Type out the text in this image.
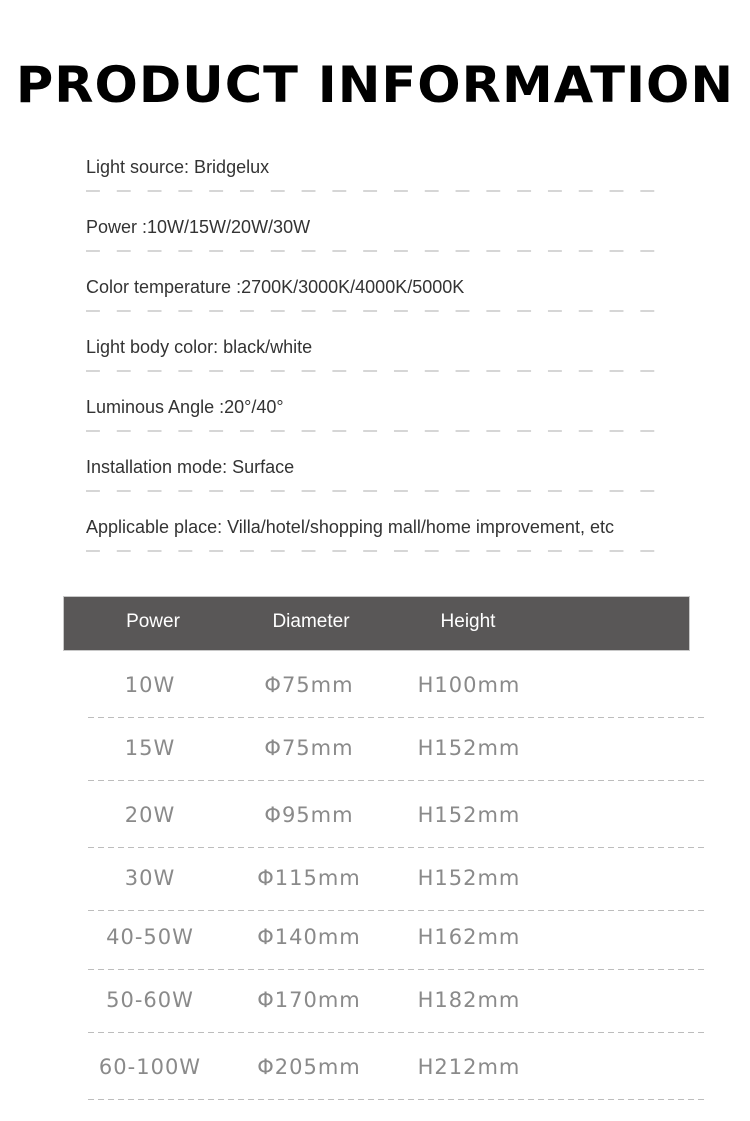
PRODUCT INFORMATION
Light source: Bridgelux
Power :10W/15W/20W/30W
Color temperature :2700K/3000K/4000K/5000K
Light body color: black/white
Luminous Angle :20°/40°
Installation mode: Surface
Applicable place: Villa/hotel/shopping mall/home improvement, etc
Power	Diameter	Height
10W	Φ75mm	H100mm
15W	Φ75mm	H152mm
20W	Φ95mm	H152mm
30W	Φ115mm	H152mm
40-50W	Φ140mm	H162mm
50-60W	Φ170mm	H182mm
60-100W	Φ205mm	H212mm
